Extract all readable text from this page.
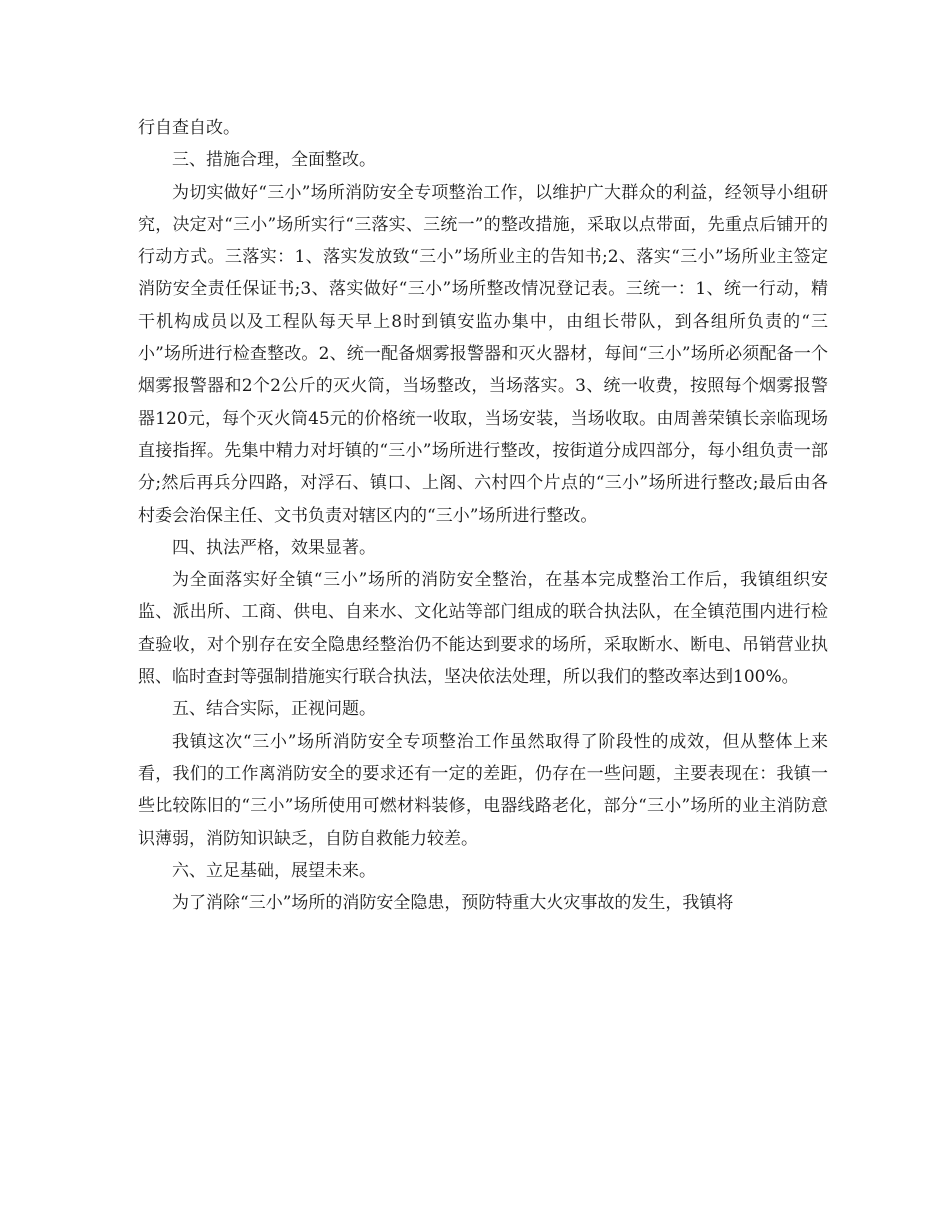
行自查自改。

三、措施合理，全面整改。

为切实做好“三小”场所消防安全专项整治工作，以维护广大群众的利益，经领导小组研究，决定对“三小”场所实行“三落实、三统一”的整改措施，采取以点带面，先重点后铺开的行动方式。三落实：1、落实发放致“三小”场所业主的告知书;2、落实“三小”场所业主签定消防安全责任保证书;3、落实做好“三小”场所整改情况登记表。三统一：1、统一行动，精干机构成员以及工程队每天早上8时到镇安监办集中，由组长带队，到各组所负责的“三小”场所进行检查整改。2、统一配备烟雾报警器和灭火器材，每间“三小”场所必须配备一个烟雾报警器和2个2公斤的灭火筒，当场整改，当场落实。3、统一收费，按照每个烟雾报警器120元，每个灭火筒45元的价格统一收取，当场安装，当场收取。由周善荣镇长亲临现场直接指挥。先集中精力对圩镇的“三小”场所进行整改，按街道分成四部分，每小组负责一部分;然后再兵分四路，对浮石、镇口、上阁、六村四个片点的“三小”场所进行整改;最后由各村委会治保主任、文书负责对辖区内的“三小”场所进行整改。

四、执法严格，效果显著。

为全面落实好全镇“三小”场所的消防安全整治，在基本完成整治工作后，我镇组织安监、派出所、工商、供电、自来水、文化站等部门组成的联合执法队，在全镇范围内进行检查验收，对个别存在安全隐患经整治仍不能达到要求的场所，采取断水、断电、吊销营业执照、临时查封等强制措施实行联合执法，坚决依法处理，所以我们的整改率达到100%。

五、结合实际，正视问题。

我镇这次“三小”场所消防安全专项整治工作虽然取得了阶段性的成效，但从整体上来看，我们的工作离消防安全的要求还有一定的差距，仍存在一些问题，主要表现在：我镇一些比较陈旧的“三小”场所使用可燃材料装修，电器线路老化，部分“三小”场所的业主消防意识薄弱，消防知识缺乏，自防自救能力较差。

六、立足基础，展望未来。

为了消除“三小”场所的消防安全隐患，预防特重大火灾事故的发生，我镇将
